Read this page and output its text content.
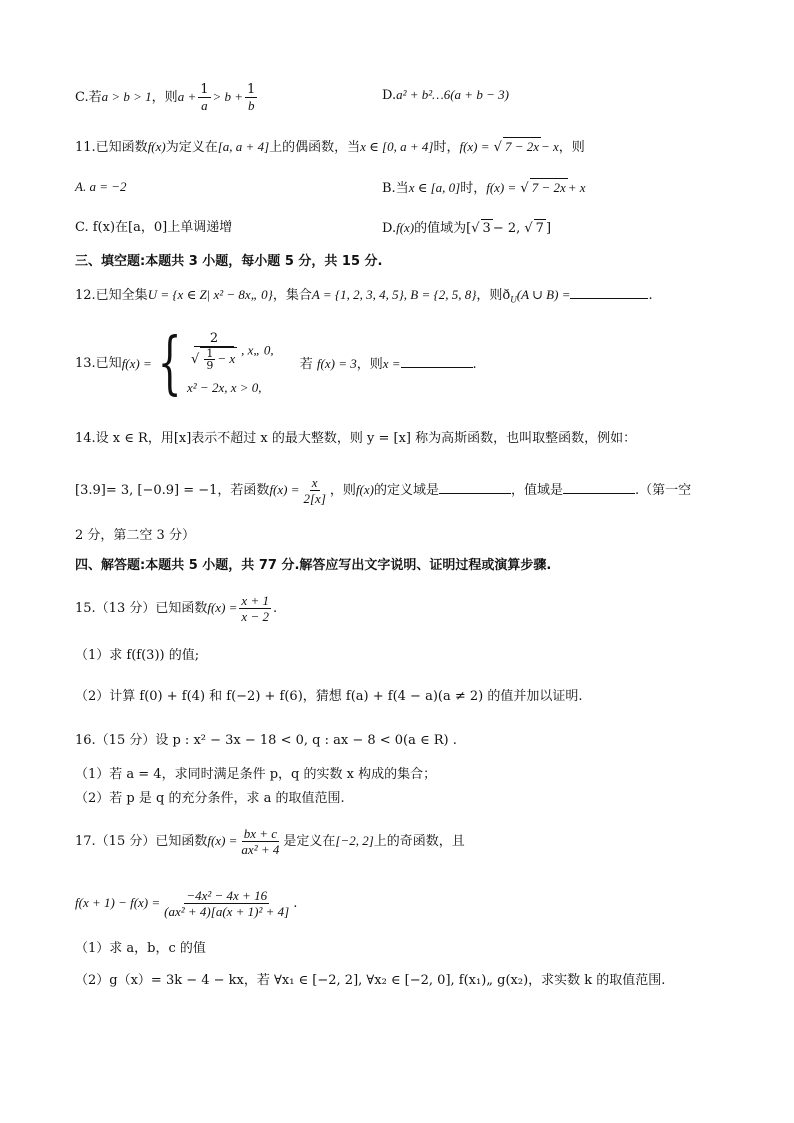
C.若a > b > 1，则$a + \frac{1}{a} > b + \frac{1}{b}$	D.a² + b²…6(a + b − 3)
11.已知函数f(x)为定义在[a, a + 4]上的偶函数，当x ∈ [0, a + 4]时，f(x) = √ 7 − 2x − x，则
A. a = −2	B.当x ∈ [a, 0]时，f(x) = √ 7 − 2x + x
C. f(x)在[a，0]上单调递增	D.f(x)的值域为[√ 3 − 2, √ 7 ]
三、填空题:本题共 3 小题，每小题 5 分，共 15 分.
12.已知全集U = {x ∈ Z| x² − 8x„ 0}，集合A = {1, 2, 3, 4, 5}, B = {2, 5, 8}，则$ð_U(A$ ∪ B) =	.
13.已知f(x) ={ $\frac{2}{√ \frac{1}{9} - x}$ , x„ 0,
x² − 2x, x > 0,
若 f(x) = 3，则x =	.
14.设 x ∈ R，用[x]表示不超过 x 的最大整数，则 y = [x] 称为高斯函数，也叫取整函数，例如：
[3.9]= 3, [−0.9] = −1，若函数$f(x) = \frac{x}{2[x]}$ ，则f(x)的定义域是	，值域是	.（第一空
2 分，第二空 3 分）
四、解答题:本题共 5 小题，共 77 分.解答应写出文字说明、证明过程或演算步骤.
15.（13 分）已知函数$f(x) = \frac{x + 1}{x - 2}$ .
（1）求 f(f(3)) 的值;
（2）计算 f(0) + f(4) 和 f(−2) + f(6)，猜想 f(a) + f(4 − a)(a ≠ 2) 的值并加以证明.
16.（15 分）设 p : x² − 3x − 18 < 0, q : ax − 8 < 0(a ∈ R) .
（1）若 a = 4，求同时满足条件 p，q 的实数 x 构成的集合；
（2）若 p 是 q 的充分条件，求 a 的取值范围.
17.（15 分）已知函数$f(x) = \frac{bx + c}{\text{ax² + 4}}$ 是定义在[−2, 2]上的奇函数，且
$f(x + 1) - f(x) = \frac{\text{−4x² − 4x + 16}}{\text{(ax² + 4)[a(x + 1)² + 4]}}$ .
（1）求 a，b，c 的值
（2）g（x）= 3k − 4 − kx，若 ∀x₁ ∈ [−2, 2], ∀x₂ ∈ [−2, 0], f(x₁)„ g(x₂)，求实数 k 的取值范围.
